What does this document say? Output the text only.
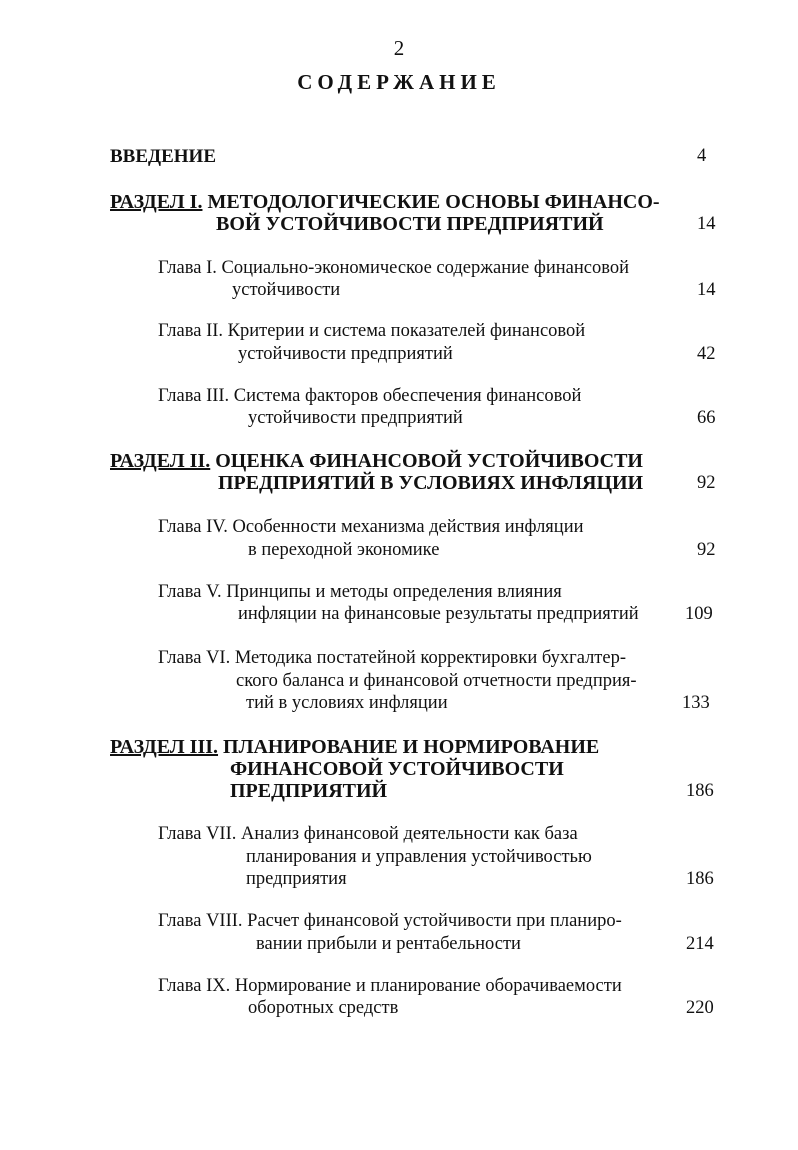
2
СОДЕРЖАНИЕ
ВВЕДЕНИЕ	4
РАЗДЕЛ I. МЕТОДОЛОГИЧЕСКИЕ ОСНОВЫ ФИНАНСО-
ВОЙ УСТОЙЧИВОСТИ ПРЕДПРИЯТИЙ	14
Глава I. Социально-экономическое содержание финансовой
устойчивости	14
Глава II. Критерии и система показателей финансовой
устойчивости предприятий	42
Глава III. Система факторов обеспечения финансовой
устойчивости предприятий	66
РАЗДЕЛ II. ОЦЕНКА ФИНАНСОВОЙ УСТОЙЧИВОСТИ
ПРЕДПРИЯТИЙ В УСЛОВИЯХ ИНФЛЯЦИИ	92
Глава IV. Особенности механизма действия инфляции
в переходной экономике	92
Глава V. Принципы и методы определения влияния
инфляции на финансовые результаты предприятий	109
Глава VI. Методика постатейной корректировки бухгалтер-
ского баланса и финансовой отчетности предприя-
тий в условиях инфляции	133
РАЗДЕЛ III. ПЛАНИРОВАНИЕ И НОРМИРОВАНИЕ
ФИНАНСОВОЙ УСТОЙЧИВОСТИ
ПРЕДПРИЯТИЙ	186
Глава VII. Анализ финансовой деятельности как база
планирования и управления устойчивостью
предприятия	186
Глава VIII. Расчет финансовой устойчивости при планиро-
вании прибыли и рентабельности	214
Глава IX. Нормирование и планирование оборачиваемости
оборотных средств	220
